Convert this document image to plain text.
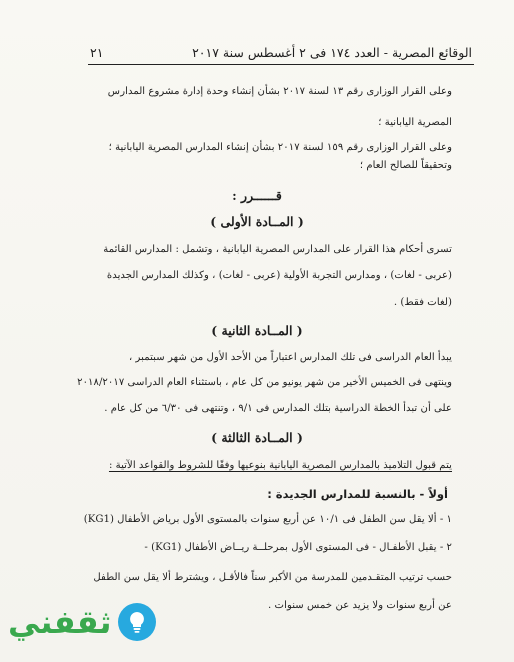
الوقائع المصرية - العدد ١٧٤ فى ٢ أغسطس سنة ٢٠١٧
٢١
وعلى القرار الوزارى رقم ١٣ لسنة ٢٠١٧ بشأن إنشاء وحدة إدارة مشروع المدارس
المصرية اليابانية ؛
وعلى القرار الوزارى رقم ١٥٩ لسنة ٢٠١٧ بشأن إنشاء المدارس المصرية اليابانية ؛
وتحقيقاً للصالح العام ؛
قــــــرر :
( المــادة الأولى )
تسرى أحكام هذا القرار على المدارس المصرية اليابانية ، وتشمل : المدارس القائمة
(عربى - لغات) ، ومدارس التجربة الأولية (عربى - لغات) ، وكذلك المدارس الجديدة
(لغات فقط) .
( المــادة الثانية )
يبدأ العام الدراسى فى تلك المدارس اعتباراً من الأحد الأول من شهر سبتمبر ،
وينتهى فى الخميس الأخير من شهر يونيو من كل عام ، باستثناء العام الدراسى ٢٠١٨/٢٠١٧
على أن تبدأ الخطة الدراسية بتلك المدارس فى ٩/١ ، وتنتهى فى ٦/٣٠ من كل عام .
( المــادة الثالثة )
يتم قبول التلاميذ بالمدارس المصرية اليابانية بنوعيها وفقًا للشروط والقواعد الآتية :
أولاً - بالنسبة للمدارس الجديدة :
١ - ألا يقل سن الطفل فى ١٠/١ عن أربع سنوات بالمستوى الأول برياض الأطفال (KG1)
٢ - يقبل الأطفـال - فى المستوى الأول بمرحلــة ريــاض الأطفال (KG1) -
حسب ترتيب المتقـدمين للمدرسة من الأكبر سناً فالأقـل ، ويشترط ألا يقل سن الطفل
عن أربع سنوات ولا يزيد عن خمس سنوات .
ثقفني
